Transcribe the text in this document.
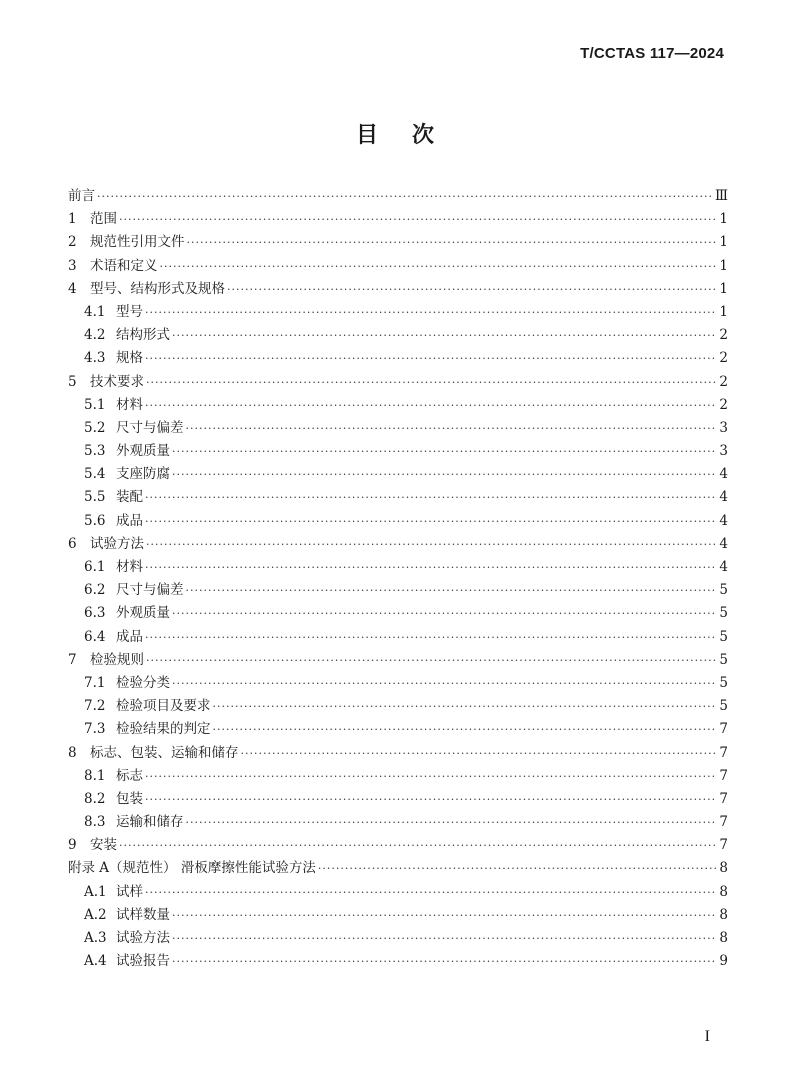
T/CCTAS 117—2024
目次
前言 ·····	Ⅲ
1 范围 ·····	1
2 规范性引用文件 ·····	1
3 术语和定义 ·····	1
4 型号、结构形式及规格 ·····	1
4.1 型号 ·····	1
4.2 结构形式 ·····	2
4.3 规格 ·····	2
5 技术要求 ·····	2
5.1 材料 ·····	2
5.2 尺寸与偏差 ·····	3
5.3 外观质量 ·····	3
5.4 支座防腐 ·····	4
5.5 装配 ·····	4
5.6 成品 ·····	4
6 试验方法 ·····	4
6.1 材料 ·····	4
6.2 尺寸与偏差 ·····	5
6.3 外观质量 ·····	5
6.4 成品 ·····	5
7 检验规则 ·····	5
7.1 检验分类 ·····	5
7.2 检验项目及要求 ·····	5
7.3 检验结果的判定 ·····	7
8 标志、包装、运输和储存 ·····	7
8.1 标志 ·····	7
8.2 包装 ·····	7
8.3 运输和储存 ·····	7
9 安装 ·····	7
附录 A（规范性） 滑板摩擦性能试验方法 ·····	8
A.1 试样 ·····	8
A.2 试样数量 ·····	8
A.3 试验方法 ·····	8
A.4 试验报告 ·····	9
I
